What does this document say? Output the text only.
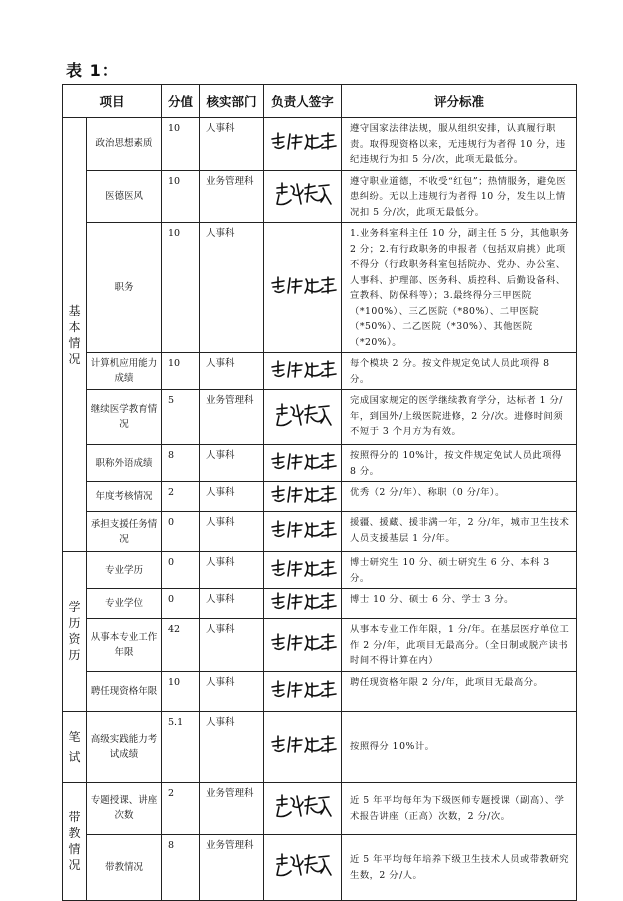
表 1：
项目		分值	核实部门	负责人签字	评分标准

基
本
情
况	政治思想素质	10	人事科		遵守国家法律法规，服从组织安排，认真履行职责。取得现资格以来，无违规行为者得 10 分，违纪违规行为扣 5 分/次，此项无最低分。
	医德医风	10	业务管理科		遵守职业道德，不收受“红包”；热情服务，避免医患纠纷。无以上违规行为者得 10 分，发生以上情况扣 5 分/次，此项无最低分。
	职务	10	人事科		1.业务科室科主任 10 分，副主任 5 分，其他职务 2 分；2.有行政职务的申报者（包括双肩挑）此项不得分（行政职务科室包括院办、党办、办公室、人事科、护理部、医务科、质控科、后勤设备科、宣教科、防保科等）；3.最终得分三甲医院（*100%）、三乙医院（*80%）、二甲医院（*50%）、二乙医院（*30%）、其他医院（*20%）。
	计算机应用能力成绩	10	人事科		每个模块 2 分。按文件规定免试人员此项得 8 分。
	继续医学教育情况	5	业务管理科		完成国家规定的医学继续教育学分，达标者 1 分/年，到国外/上级医院进修，2 分/次。进修时间须不短于 3 个月方为有效。
	职称外语成绩	8	人事科		按照得分的 10%计，按文件规定免试人员此项得 8 分。
	年度考核情况	2	人事科		优秀（2 分/年）、称职（0 分/年）。
	承担支援任务情况	0	人事科		援疆、援藏、援非满一年，2 分/年，城市卫生技术人员支援基层 1 分/年。

学
历
资
历	专业学历	0	人事科		博士研究生 10 分、硕士研究生 6 分、本科 3 分。
	专业学位	0	人事科		博士 10 分、硕士 6 分、学士 3 分。
	从事本专业工作年限	42	人事科		从事本专业工作年限，1 分/年。在基层医疗单位工作 2 分/年，此项目无最高分。（全日制或脱产读书时间不得计算在内）
	聘任现资格年限	10	人事科		聘任现资格年限 2 分/年，此项目无最高分。

笔
试	高级实践能力考试成绩	5.1	人事科		按照得分 10%计。

带
教
情
况	专题授课、讲座次数	2	业务管理科		近 5 年平均每年为下级医师专题授课（副高）、学术报告讲座（正高）次数，2 分/次。
	带教情况	8	业务管理科		近 5 年平均每年培养下级卫生技术人员或带教研究生数，2 分/人。
